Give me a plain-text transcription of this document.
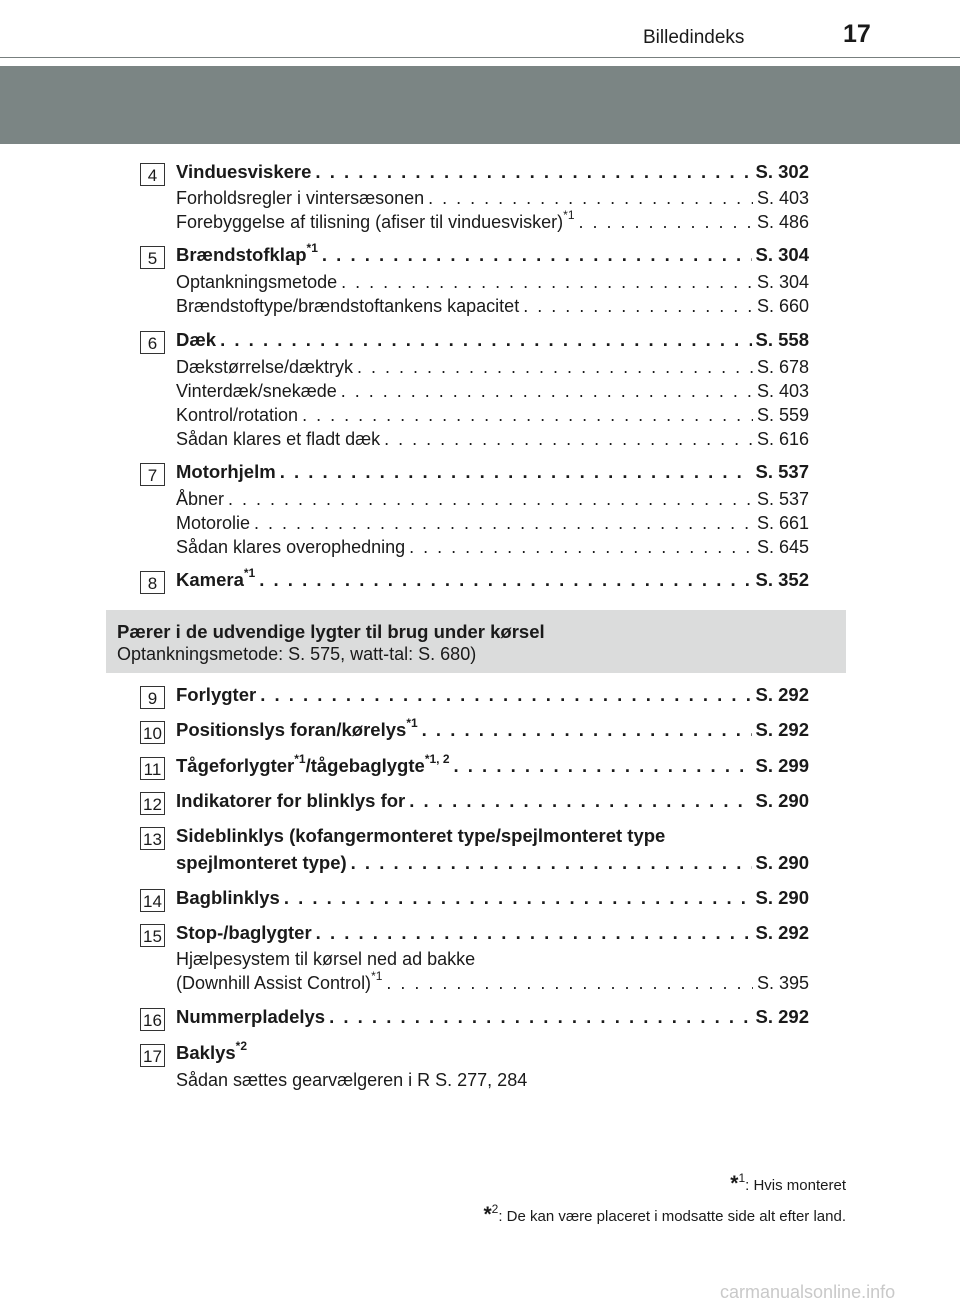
Billedindeks	17
4	Vinduesviskere . . .	S. 302
Forholdsregler i vintersæsonen . . .	S. 403
Forebyggelse af tilisning (afiser til vinduesvisker)$^{*1}$ . . .	S. 486
5	Brændstofklap$^{*1}$ . . .	S. 304
Optankningsmetode . . .	S. 304
Brændstoftype/brændstoftankens kapacitet . . .	S. 660
6	Dæk . . .	S. 558
Dækstørrelse/dæktryk . . .	S. 678
Vinterdæk/snekæde . . .	S. 403
Kontrol/rotation . . .	S. 559
Sådan klares et fladt dæk . . .	S. 616
7	Motorhjelm . . .	S. 537
Åbner . . .	S. 537
Motorolie . . .	S. 661
Sådan klares overophedning . . .	S. 645
8	Kamera$^{*1}$ . . .	S. 352
Pærer i de udvendige lygter til brug under kørsel
Optankningsmetode: S. 575, watt-tal: S. 680)
9	Forlygter . . .	S. 292
10 Positionslys foran/kørelys$^{*1}$ . . .	S. 292
11 Tågeforlygter$^{*1}$/tågebaglygte$^{*1, 2}$ . . .	S. 299
12 Indikatorer for blinklys for . . .	S. 290
13 Sideblinklys (kofangermonteret type/spejlmonteret type
spejlmonteret type) . . .	S. 290
14 Bagblinklys . . .	S. 290
15 Stop-/baglygter . . .	S. 292
Hjælpesystem til kørsel ned ad bakke
(Downhill Assist Control)$^{*1}$ . . .	S. 395
16 Nummerpladelys . . .	S. 292
17 Baklys$^{*2}$
Sådan sættes gearvælgeren i R S. 277, 284
*$^1$: Hvis monteret
*$^2$: De kan være placeret i modsatte side alt efter land.
carmanualsonline.info
